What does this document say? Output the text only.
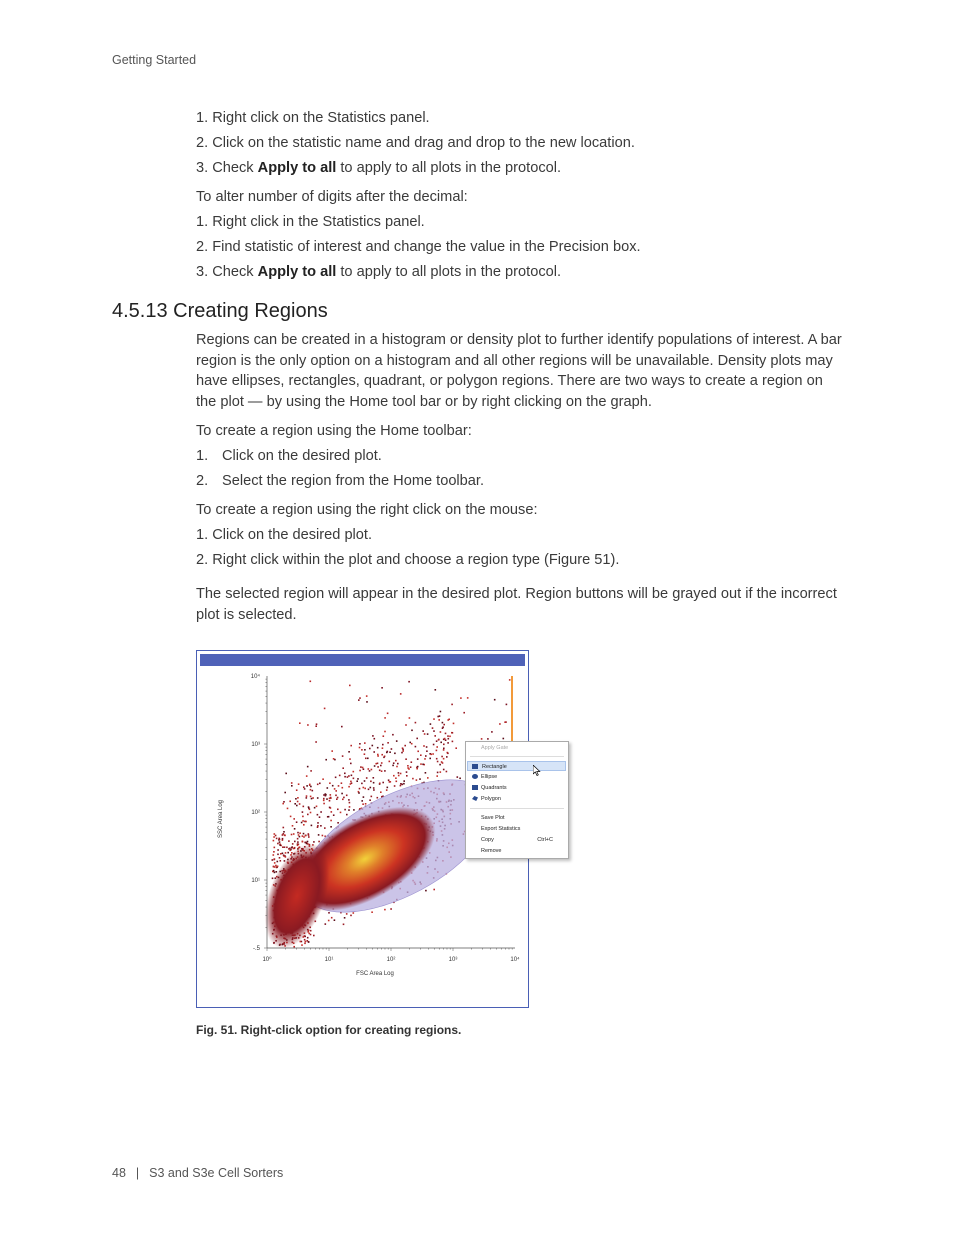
Getting Started
1. Right click on the Statistics panel.
2. Click on the statistic name and drag and drop to the new location.
3. Check Apply to all to apply to all plots in the protocol.
To alter number of digits after the decimal:
1. Right click in the Statistics panel.
2. Find statistic of interest and change the value in the Precision box.
3. Check Apply to all to apply to all plots in the protocol.
4.5.13 Creating Regions
Regions can be created in a histogram or density plot to further identify populations of interest. A bar region is the only option on a histogram and all other regions will be unavailable. Density plots may have ellipses, rectangles, quadrant, or polygon regions. There are two ways to create a region on the plot — by using the Home tool bar or by right clicking on the graph.
To create a region using the Home toolbar:
1. Click on the desired plot.
2. Select the region from the Home toolbar.
To create a region using the right click on the mouse:
1. Click on the desired plot.
2. Right click within the plot and choose a region type (Figure 51).
The selected region will appear in the desired plot. Region buttons will be grayed out if the incorrect plot is selected.
10⁰	10¹	10²	10³	10⁴
10⁴
10³
10²
10¹
-.5
FSC Area Log
SSC Area Log
Apply Gate
Rectangle
Ellipse
Quadrants
Polygon
Save Plot
Export Statistics
Copy	Ctrl+C
Remove
Fig. 51. Right-click option for creating regions.
48 | S3 and S3e Cell Sorters
